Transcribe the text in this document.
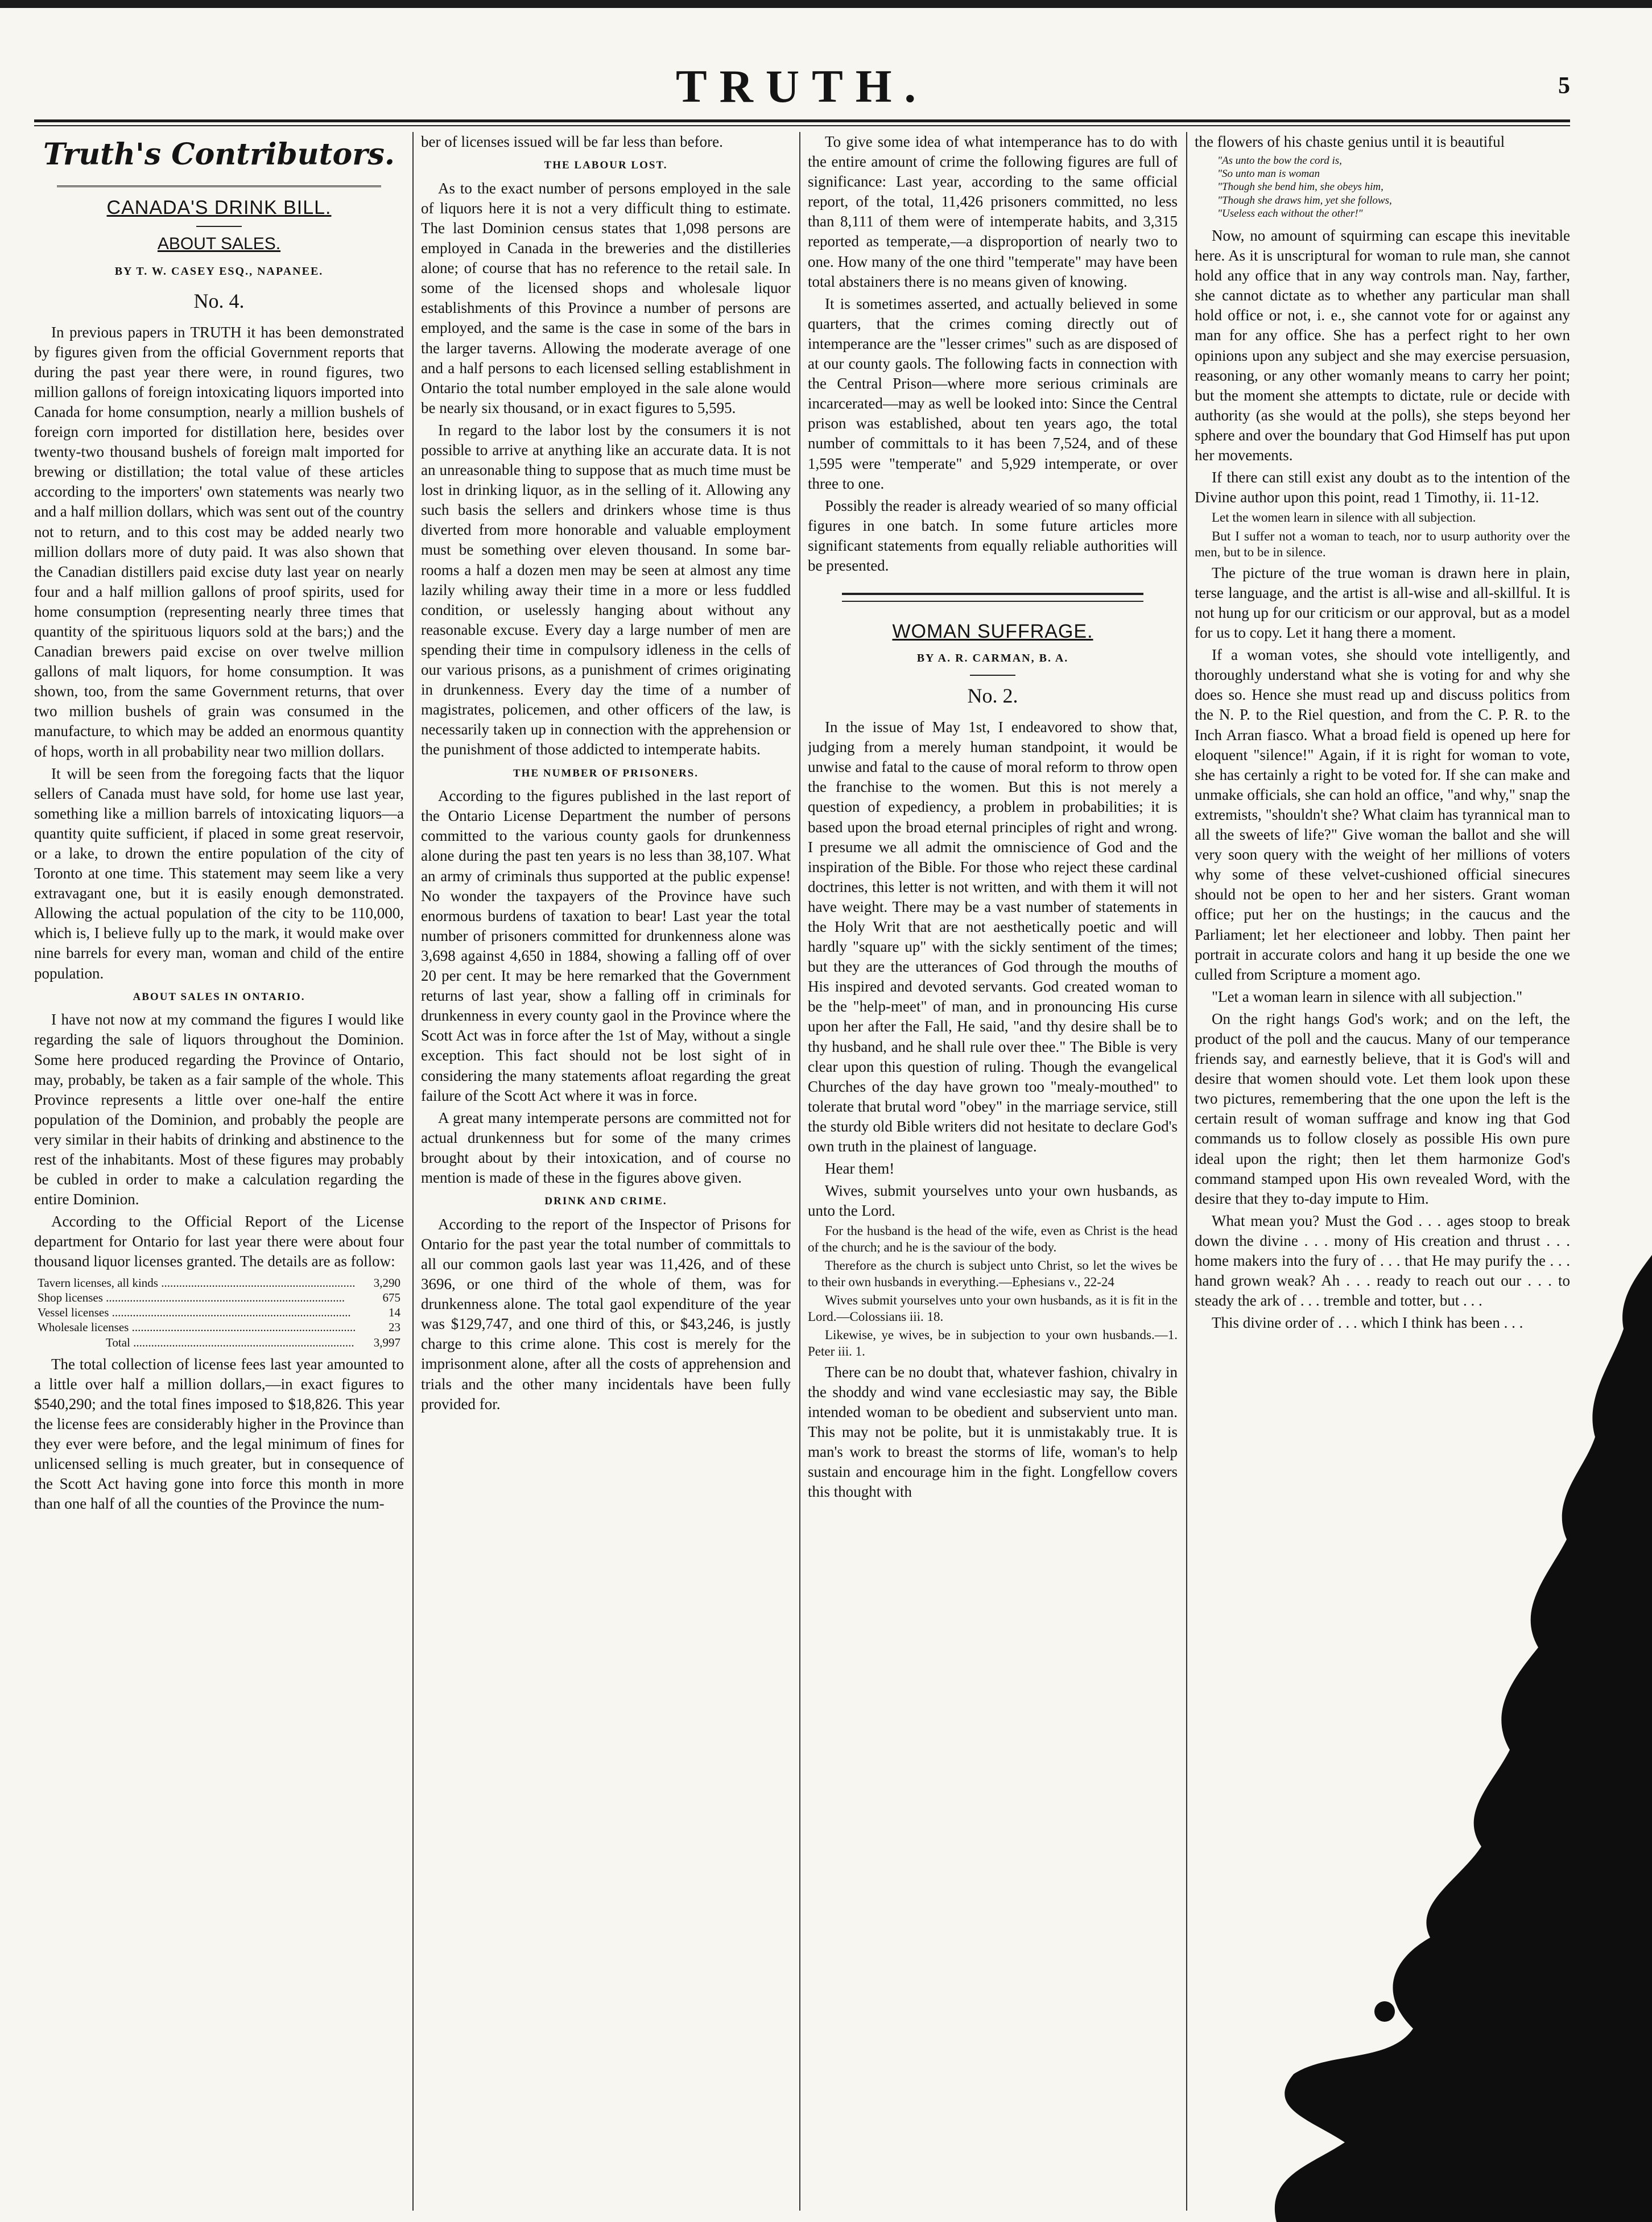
TRUTH.	5
Truth's Contributors.
CANADA'S DRINK BILL.
ABOUT SALES.
BY T. W. CASEY ESQ., NAPANEE.
No. 4.

In previous papers in TRUTH it has been demonstrated by figures given from the official Government reports that during the past year there were, in round figures, two million gallons of foreign intoxicating liquors imported into Canada for home consumption, nearly a million bushels of foreign corn imported for distillation here, besides over twenty-two thousand bushels of foreign malt imported for brewing or distillation; the total value of these articles according to the importers' own statements was nearly two and a half million dollars, which was sent out of the country not to return, and to this cost may be added nearly two million dollars more of duty paid. It was also shown that the Canadian distillers paid excise duty last year on nearly four and a half million gallons of proof spirits, used for home consumption (representing nearly three times that quantity of the spirituous liquors sold at the bars;) and the Canadian brewers paid excise on over twelve million gallons of malt liquors, for home consumption. It was shown, too, from the same Government returns, that over two million bushels of grain was consumed in the manufacture, to which may be added an enormous quantity of hops, worth in all probability near two million dollars.

It will be seen from the foregoing facts that the liquor sellers of Canada must have sold, for home use last year, something like a million barrels of intoxicating liquors—a quantity quite sufficient, if placed in some great reservoir, or a lake, to drown the entire population of the city of Toronto at one time. This statement may seem like a very extravagant one, but it is easily enough demonstrated. Allowing the actual population of the city to be 110,000, which is, I believe fully up to the mark, it would make over nine barrels for every man, woman and child of the entire population.

ABOUT SALES IN ONTARIO.

I have not now at my command the figures I would like regarding the sale of liquors throughout the Dominion. Some here produced regarding the Province of Ontario, may, probably, be taken as a fair sample of the whole. This Province represents a little over one-half the entire population of the Dominion, and probably the people are very similar in their habits of drinking and abstinence to the rest of the inhabitants. Most of these figures may probably be cubled in order to make a calculation regarding the entire Dominion.

According to the Official Report of the License department for Ontario for last year there were about four thousand liquor licenses granted. The details are as follow:

Tavern licenses, all kinds .....	3,290
Shop licenses .....	675
Vessel licenses .....	14
Wholesale licenses .....	23
Total .....	3,997

The total collection of license fees last year amounted to a little over half a million dollars,—in exact figures to $540,290; and the total fines imposed to $18,826. This year the license fees are considerably higher in the Province than they ever were before, and the legal minimum of fines for unlicensed selling is much greater, but in consequence of the Scott Act having gone into force this month in more than one half of all the counties of the Province the num-

ber of licenses issued will be far less than before.

THE LABOUR LOST.

As to the exact number of persons employed in the sale of liquors here it is not a very difficult thing to estimate. The last Dominion census states that 1,098 persons are employed in Canada in the breweries and the distilleries alone; of course that has no reference to the retail sale. In some of the licensed shops and wholesale liquor establishments of this Province a number of persons are employed, and the same is the case in some of the bars in the larger taverns. Allowing the moderate average of one and a half persons to each licensed selling establishment in Ontario the total number employed in the sale alone would be nearly six thousand, or in exact figures to 5,595.

In regard to the labor lost by the consumers it is not possible to arrive at anything like an accurate data. It is not an unreasonable thing to suppose that as much time must be lost in drinking liquor, as in the selling of it. Allowing any such basis the sellers and drinkers whose time is thus diverted from more honorable and valuable employment must be something over eleven thousand. In some bar-rooms a half a dozen men may be seen at almost any time lazily whiling away their time in a more or less fuddled condition, or uselessly hanging about without any reasonable excuse. Every day a large number of men are spending their time in compulsory idleness in the cells of our various prisons, as a punishment of crimes originating in drunkenness. Every day the time of a number of magistrates, policemen, and other officers of the law, is necessarily taken up in connection with the apprehension or the punishment of those addicted to intemperate habits.

THE NUMBER OF PRISONERS.

According to the figures published in the last report of the Ontario License Department the number of persons committed to the various county gaols for drunkenness alone during the past ten years is no less than 38,107. What an army of criminals thus supported at the public expense! No wonder the taxpayers of the Province have such enormous burdens of taxation to bear! Last year the total number of prisoners committed for drunkenness alone was 3,698 against 4,650 in 1884, showing a falling off of over 20 per cent. It may be here remarked that the Government returns of last year, show a falling off in criminals for drunkenness in every county gaol in the Province where the Scott Act was in force after the 1st of May, without a single exception. This fact should not be lost sight of in considering the many statements afloat regarding the great failure of the Scott Act where it was in force.

A great many intemperate persons are committed not for actual drunkenness but for some of the many crimes brought about by their intoxication, and of course no mention is made of these in the figures above given.

DRINK AND CRIME.

According to the report of the Inspector of Prisons for Ontario for the past year the total number of committals to all our common gaols last year was 11,426, and of these 3696, or one third of the whole of them, was for drunkenness alone. The total gaol expenditure of the year was $129,747, and one third of this, or $43,246, is justly charge to this crime alone. This cost is merely for the imprisonment alone, after all the costs of apprehension and trials and the other many incidentals have been fully provided for.

To give some idea of what intemperance has to do with the entire amount of crime the following figures are full of significance: Last year, according to the same official report, of the total, 11,426 prisoners committed, no less than 8,111 of them were of intemperate habits, and 3,315 reported as temperate,—a disproportion of nearly two to one. How many of the one third "temperate" may have been total abstainers there is no means given of knowing.

It is sometimes asserted, and actually believed in some quarters, that the crimes coming directly out of intemperance are the "lesser crimes" such as are disposed of at our county gaols. The following facts in connection with the Central Prison—where more serious criminals are incarcerated—may as well be looked into: Since the Central prison was established, about ten years ago, the total number of committals to it has been 7,524, and of these 1,595 were "temperate" and 5,929 intemperate, or over three to one.

Possibly the reader is already wearied of so many official figures in one batch. In some future articles more significant statements from equally reliable authorities will be presented.

WOMAN SUFFRAGE.
BY A. R. CARMAN, B. A.
No. 2.

In the issue of May 1st, I endeavored to show that, judging from a merely human standpoint, it would be unwise and fatal to the cause of moral reform to throw open the franchise to the women. But this is not merely a question of expediency, a problem in probabilities; it is based upon the broad eternal principles of right and wrong. I presume we all admit the omniscience of God and the inspiration of the Bible. For those who reject these cardinal doctrines, this letter is not written, and with them it will not have weight. There may be a vast number of statements in the Holy Writ that are not aesthetically poetic and will hardly "square up" with the sickly sentiment of the times; but they are the utterances of God through the mouths of His inspired and devoted servants. God created woman to be the "help-meet" of man, and in pronouncing His curse upon her after the Fall, He said, "and thy desire shall be to thy husband, and he shall rule over thee." The Bible is very clear upon this question of ruling. Though the evangelical Churches of the day have grown too "mealy-mouthed" to tolerate that brutal word "obey" in the marriage service, still the sturdy old Bible writers did not hesitate to declare God's own truth in the plainest of language.

Hear them!

Wives, submit yourselves unto your own husbands, as unto the Lord.

For the husband is the head of the wife, even as Christ is the head of the church; and he is the saviour of the body.

Therefore as the church is subject unto Christ, so let the wives be to their own husbands in everything.—Ephesians v., 22-24

Wives submit yourselves unto your own husbands, as it is fit in the Lord.—Colossians iii. 18.

Likewise, ye wives, be in subjection to your own husbands.—1. Peter iii. 1.

There can be no doubt that, whatever fashion, chivalry in the shoddy and wind vane ecclesiastic may say, the Bible intended woman to be obedient and subservient unto man. This may not be polite, but it is unmistakably true. It is man's work to breast the storms of life, woman's to help sustain and encourage him in the fight. Longfellow covers this thought with

the flowers of his chaste genius until it is beautiful

"As unto the bow the cord is,
"So unto man is woman
"Though she bend him, she obeys him,
"Though she draws him, yet she follows,
"Useless each without the other!"

Now, no amount of squirming can escape this inevitable here. As it is unscriptural for woman to rule man, she cannot hold any office that in any way controls man. Nay, farther, she cannot dictate as to whether any particular man shall hold office or not, i. e., she cannot vote for or against any man for any office. She has a perfect right to her own opinions upon any subject and she may exercise persuasion, reasoning, or any other womanly means to carry her point; but the moment she attempts to dictate, rule or decide with authority (as she would at the polls), she steps beyond her sphere and over the boundary that God Himself has put upon her movements.

If there can still exist any doubt as to the intention of the Divine author upon this point, read 1 Timothy, ii. 11-12.

Let the women learn in silence with all subjection.

But I suffer not a woman to teach, nor to usurp authority over the men, but to be in silence.

The picture of the true woman is drawn here in plain, terse language, and the artist is all-wise and all-skillful. It is not hung up for our criticism or our approval, but as a model for us to copy. Let it hang there a moment.

If a woman votes, she should vote intelligently, and thoroughly understand what she is voting for and why she does so. Hence she must read up and discuss politics from the N. P. to the Riel question, and from the C. P. R. to the Inch Arran fiasco. What a broad field is opened up here for eloquent "silence!" Again, if it is right for woman to vote, she has certainly a right to be voted for. If she can make and unmake officials, she can hold an office, "and why," snap the extremists, "shouldn't she? What claim has tyrannical man to all the sweets of life?" Give woman the ballot and she will very soon query with the weight of her millions of voters why some of these velvet-cushioned official sinecures should not be open to her and her sisters. Grant woman office; put her on the hustings; in the caucus and the Parliament; let her electioneer and lobby. Then paint her portrait in accurate colors and hang it up beside the one we culled from Scripture a moment ago.

"Let a woman learn in silence with all subjection."

On the right hangs God's work; and on the left, the product of the poll and the caucus. Many of our temperance friends say, and earnestly believe, that it is God's will and desire that women should vote. Let them look upon these two pictures, remembering that the one upon the left is the certain result of woman suffrage and know ing that God commands us to follow closely as possible His own pure ideal upon the right; then let them harmonize God's command stamped upon His own revealed Word, with the desire that they to-day impute to Him.

What mean you? Must the God . . . ages stoop to break down the divine . . . mony of His creation and thrust . . . home makers into the fury of . . . that He may purify the . . . hand grown weak? Ah . . . ready to reach out our . . . to steady the ark of . . . tremble and totter, but . . .

This divine order of . . . which I think has been . . .
